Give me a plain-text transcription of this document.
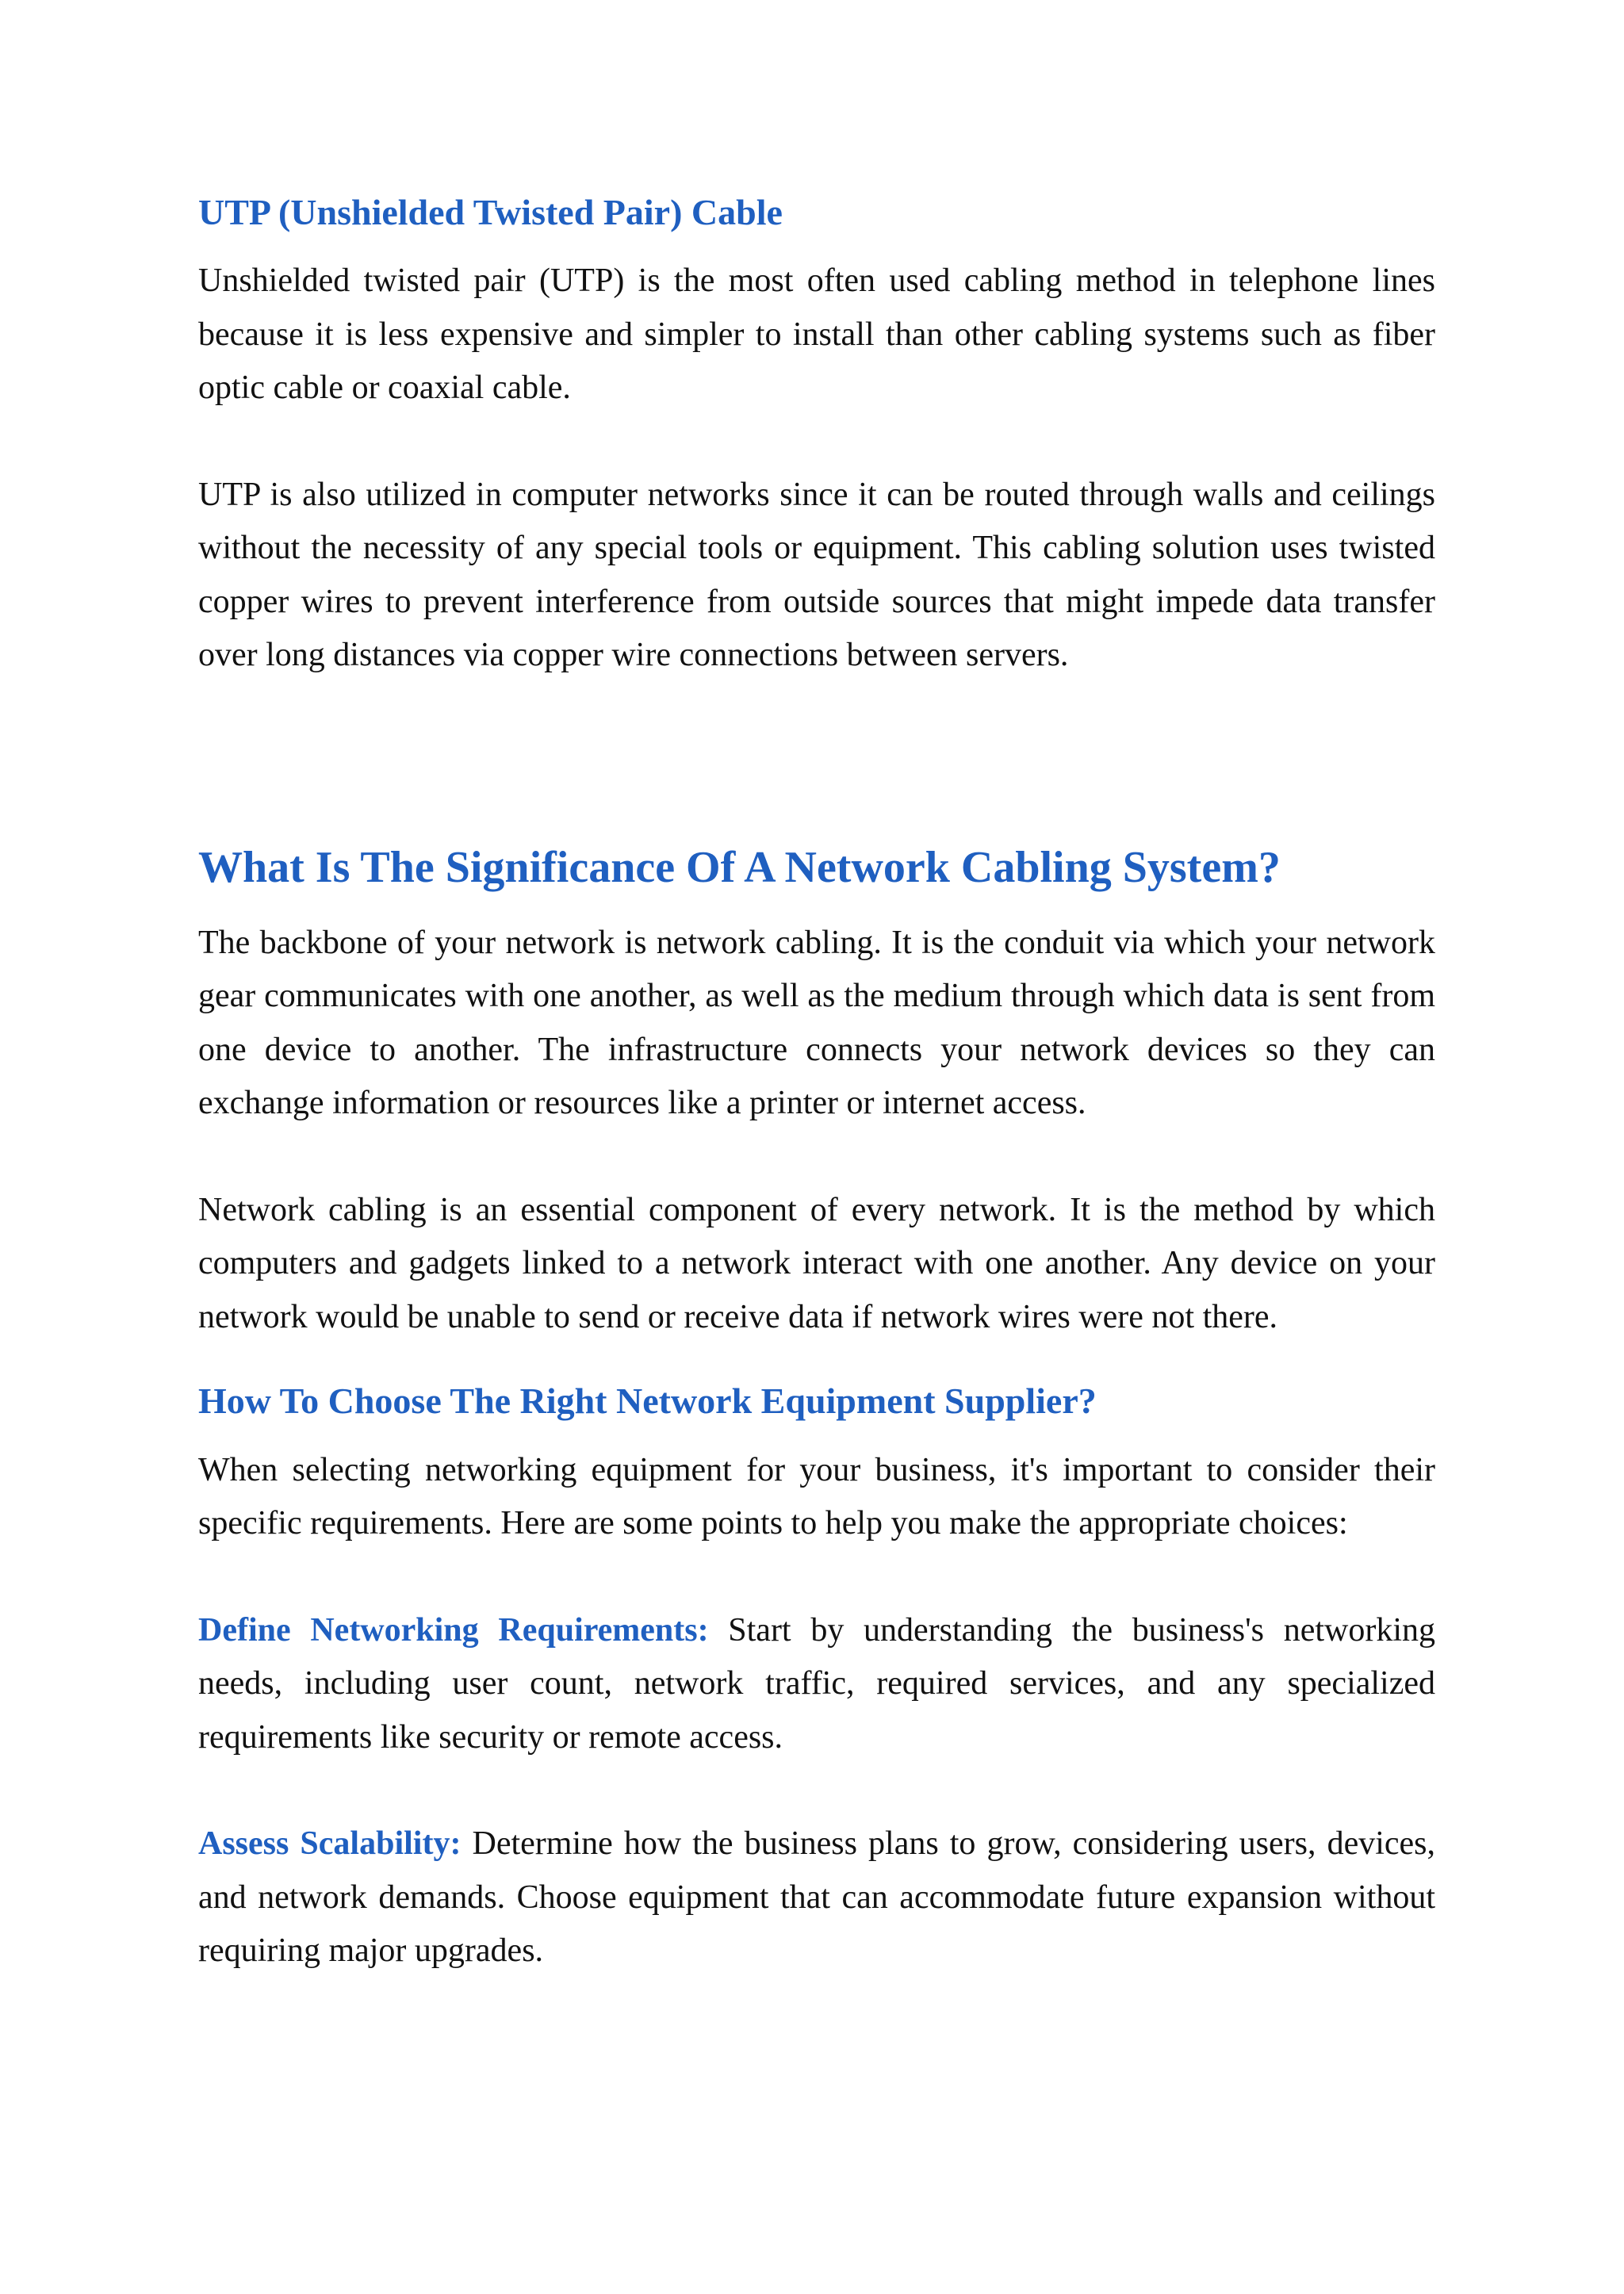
UTP (Unshielded Twisted Pair) Cable

Unshielded twisted pair (UTP) is the most often used cabling method in telephone lines because it is less expensive and simpler to install than other cabling systems such as fiber optic cable or coaxial cable.

UTP is also utilized in computer networks since it can be routed through walls and ceilings without the necessity of any special tools or equipment. This cabling solution uses twisted copper wires to prevent interference from outside sources that might impede data transfer over long distances via copper wire connections between servers.

What Is The Significance Of A Network Cabling System?

The backbone of your network is network cabling. It is the conduit via which your network gear communicates with one another, as well as the medium through which data is sent from one device to another. The infrastructure connects your network devices so they can exchange information or resources like a printer or internet access.

Network cabling is an essential component of every network. It is the method by which computers and gadgets linked to a network interact with one another. Any device on your network would be unable to send or receive data if network wires were not there.

How To Choose The Right Network Equipment Supplier?

When selecting networking equipment for your business, it's important to consider their specific requirements. Here are some points to help you make the appropriate choices:

Define Networking Requirements: Start by understanding the business's networking needs, including user count, network traffic, required services, and any specialized requirements like security or remote access.

Assess Scalability: Determine how the business plans to grow, considering users, devices, and network demands. Choose equipment that can accommodate future expansion without requiring major upgrades.
